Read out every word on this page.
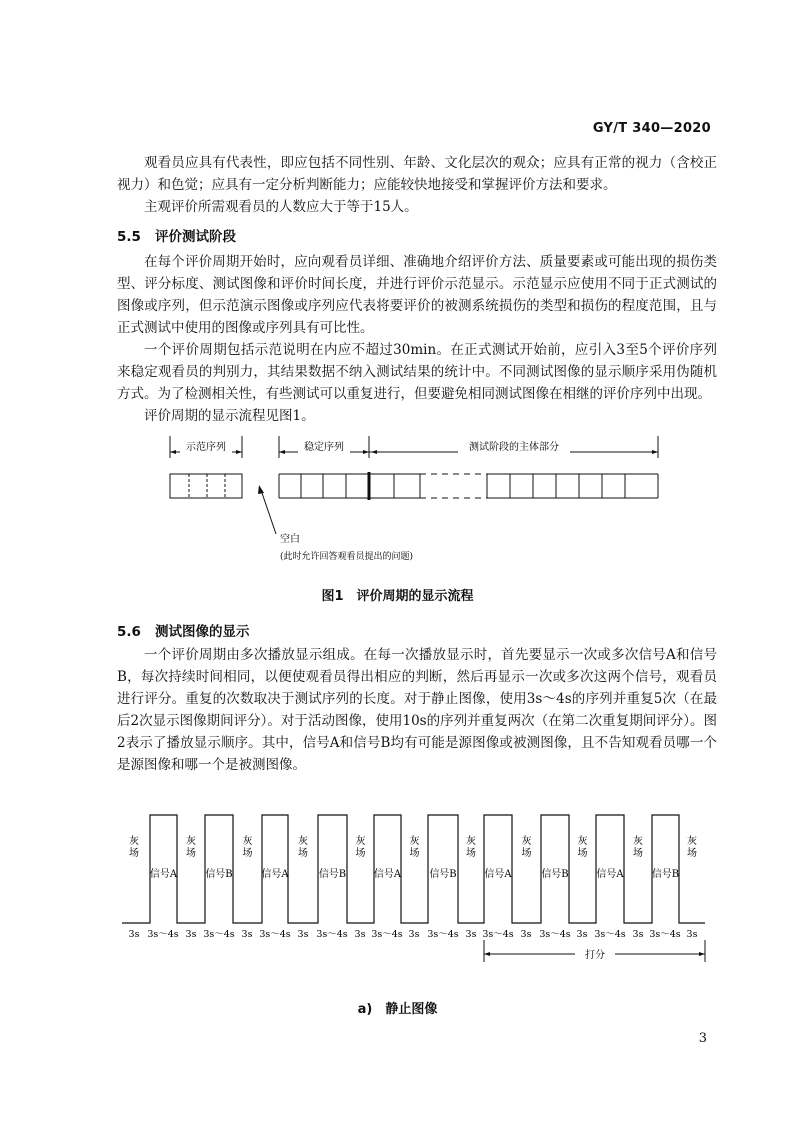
GY/T 340—2020

观看员应具有代表性，即应包括不同性别、年龄、文化层次的观众；应具有正常的视力（含校正视力）和色觉；应具有一定分析判断能力；应能较快地接受和掌握评价方法和要求。

主观评价所需观看员的人数应大于等于15人。

5.5 评价测试阶段

在每个评价周期开始时，应向观看员详细、准确地介绍评价方法、质量要素或可能出现的损伤类型、评分标度、测试图像和评价时间长度，并进行评价示范显示。示范显示应使用不同于正式测试的图像或序列，但示范演示图像或序列应代表将要评价的被测系统损伤的类型和损伤的程度范围，且与正式测试中使用的图像或序列具有可比性。

一个评价周期包括示范说明在内应不超过30min。在正式测试开始前，应引入3至5个评价序列来稳定观看员的判别力，其结果数据不纳入测试结果的统计中。不同测试图像的显示顺序采用伪随机方式。为了检测相关性，有些测试可以重复进行，但要避免相同测试图像在相继的评价序列中出现。

评价周期的显示流程见图1。

示范序列	稳定序列	测试阶段的主体部分
空白
(此时允许回答观看员提出的问题)
图1　评价周期的显示流程
5.6 测试图像的显示

一个评价周期由多次播放显示组成。在每一次播放显示时，首先要显示一次或多次信号A和信号B，每次持续时间相同，以便使观看员得出相应的判断，然后再显示一次或多次这两个信号，观看员进行评分。重复的次数取决于测试序列的长度。对于静止图像，使用3s～4s的序列并重复5次（在最后2次显示图像期间评分）。对于活动图像，使用10s的序列并重复两次（在第二次重复期间评分）。图2表示了播放显示顺序。其中，信号A和信号B均有可能是源图像或被测图像，且不告知观看员哪一个是源图像和哪一个是被测图像。

灰场
灰场
灰场
灰场
灰场
灰场
灰场
灰场
灰场
灰场
灰场
信号A	信号B	信号A	信号B	信号A	信号B	信号A	信号B	信号A	信号B
3s 3s～4s 3s 3s～4s 3s 3s～4s 3s 3s～4s 3s 3s～4s 3s 3s～4s 3s 3s～4s 3s 3s～4s 3s 3s～4s 3s 3s～4s 3s
打分
a)　静止图像
3
